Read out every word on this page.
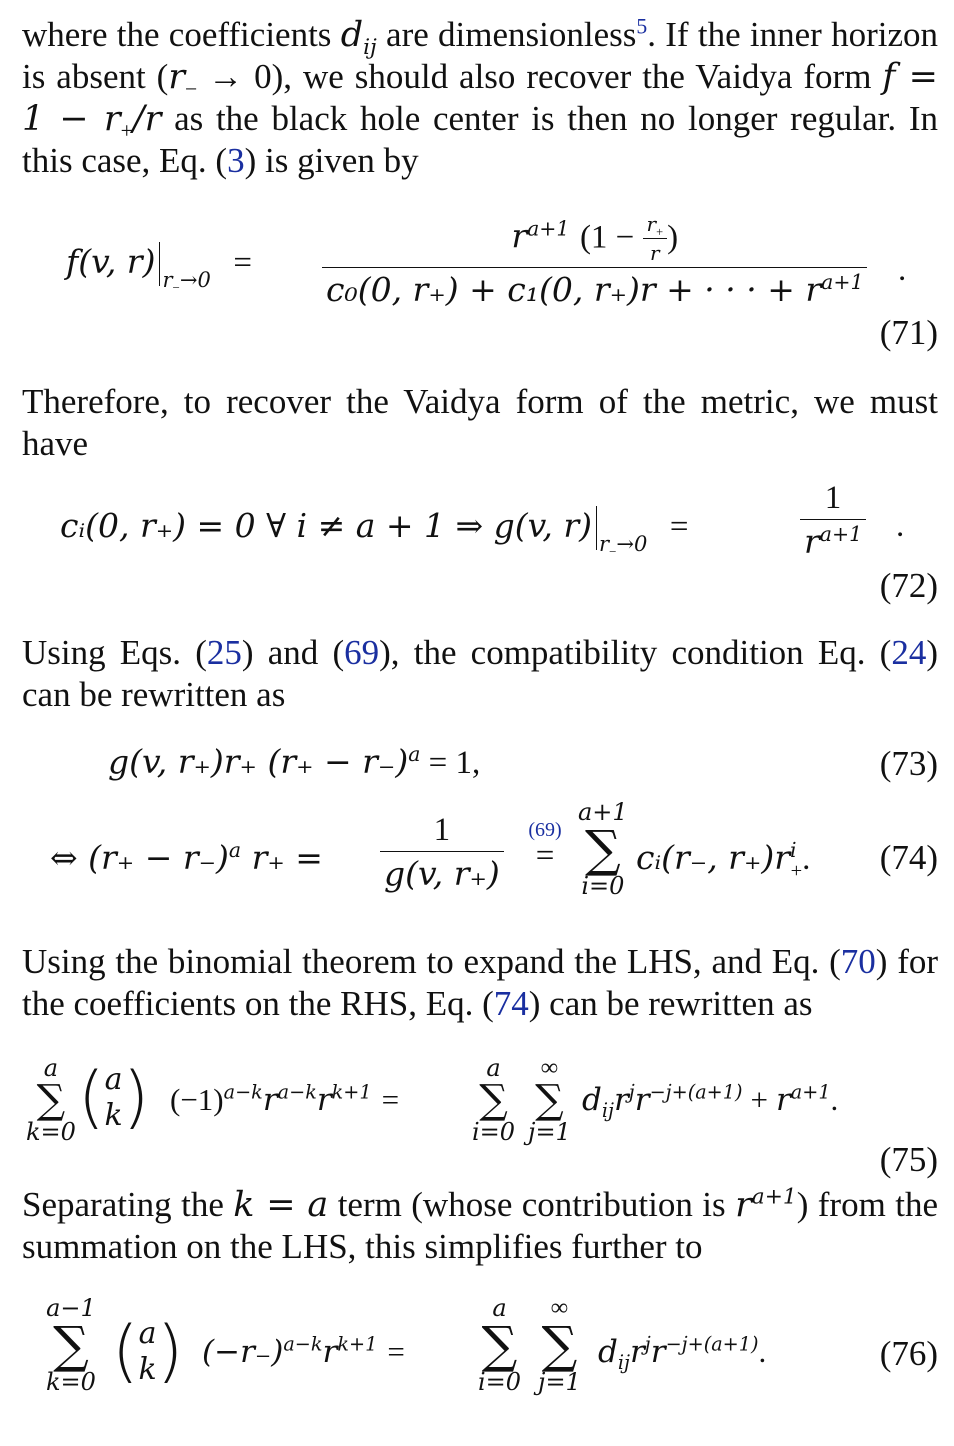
where the coefficients $d_{ij}$ are dimensionless$^5$. If the inner horizon is absent $(r_- \to 0)$, we should also recover the Vaidya form $f = 1 - r_+/r$ as the black hole center is then no longer regular. In this case, Eq. (3) is given by
f(v, r) $_{r_-\to 0}$ =	$\frac{r^{a+1} (1 - \frac{r_+}{r} )}{c_0(0, r_+) + c_1(0, r_+)r + \cdot \cdot \cdot + r^{a+1}}$ .
(71)
Therefore, to recover the Vaidya form of the metric, we must have
cᵢ(0, r₊) = 0 ∀ i ≠ a + 1 ⇒ g(v, r) $_{r_-\to 0}$ =	$\frac{1}{r^{a+1}}$ .
(72)
Using Eqs. (25) and (69), the compatibility condition Eq. (24) can be rewritten as
g(v, r₊)r₊ $(r_+ - r_-)^a = 1$,	(73)
⇔ $(r_+ - r_-)^a$ $r_+ = \frac{1}{g(v, r_+)}$	(69)
=
a+1
∑
i=0
cᵢ(r₋, $r_+)r^i_+$. (74)
Using the binomial theorem to expand the LHS, and Eq. (70) for the coefficients on the RHS, Eq. (74) can be rewritten as
a
∑
k=0 ( a
k ) $(-1)^{a-k}r^{a-k}r^{k+1}$ =
a
∑
i=0
∞
∑
j=1
$d_{ij}r^jr^{-j+(a+1)} + r^{a+1}$.
(75)
Separating the k = a term (whose contribution is $r^{a+1}$) from the summation on the LHS, this simplifies further to
a−1
∑
k=0 ( a
k ) $(-r_-)^{a-k}r^{k+1}$ =
a
∑
i=0
∞
∑
j=1
$d_{ij}r^jr^{-j+(a+1)}$.	(76)
